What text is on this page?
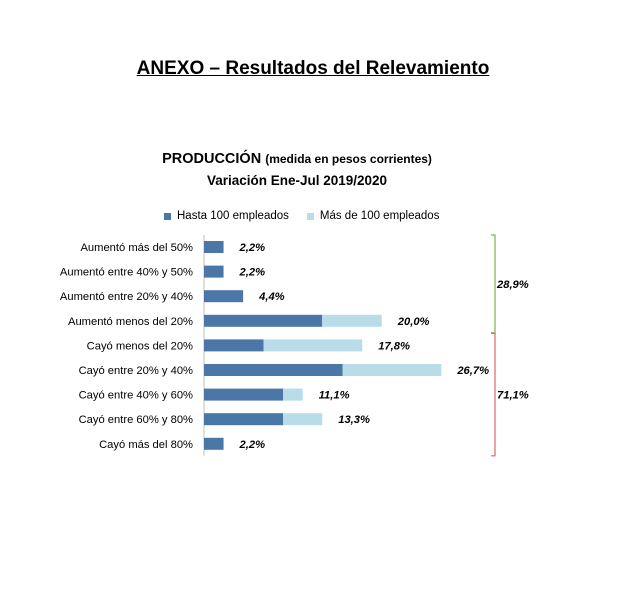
ANEXO – Resultados del Relevamiento
PRODUCCIÓN (medida en pesos corrientes)
Variación Ene-Jul 2019/2020
Hasta 100 empleados	Más de 100 empleados
Aumentó más del 50%	2,2%
Aumentó entre 40% y 50%	2,2%
Aumentó entre 20% y 40%	4,4%
Aumentó menos del 20%	20,0%
Cayó menos del 20%	17,8%
Cayó entre 20% y 40%	26,7%
Cayó entre 40% y 60%	11,1%
Cayó entre 60% y 80%	13,3%
Cayó más del 80%	2,2%
28,9%
71,1%
